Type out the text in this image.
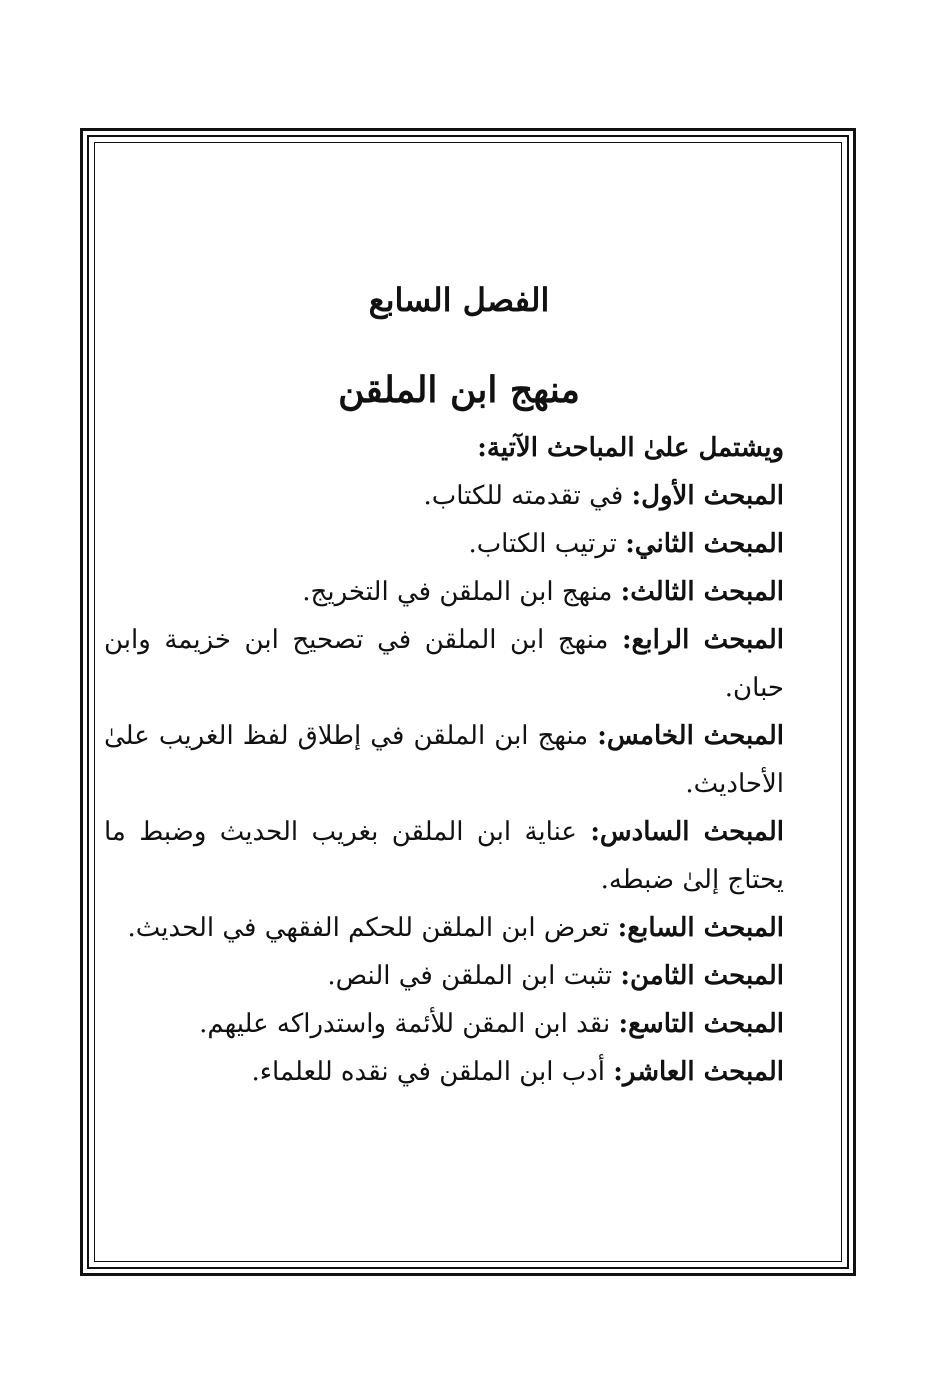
الفصل السابع
منهج ابن الملقن

ويشتمل علىٰ المباحث الآتية:

المبحث الأول: في تقدمته للكتاب.

المبحث الثاني: ترتيب الكتاب.

المبحث الثالث: منهج ابن الملقن في التخريج.

المبحث الرابع: منهج ابن الملقن في تصحيح ابن خزيمة وابن حبان.

المبحث الخامس: منهج ابن الملقن في إطلاق لفظ الغريب علىٰ الأحاديث.

المبحث السادس: عناية ابن الملقن بغريب الحديث وضبط ما يحتاج إلىٰ ضبطه.

المبحث السابع: تعرض ابن الملقن للحكم الفقهي في الحديث.

المبحث الثامن: تثبت ابن الملقن في النص.

المبحث التاسع: نقد ابن المقن للأئمة واستدراكه عليهم.

المبحث العاشر: أدب ابن الملقن في نقده للعلماء.
